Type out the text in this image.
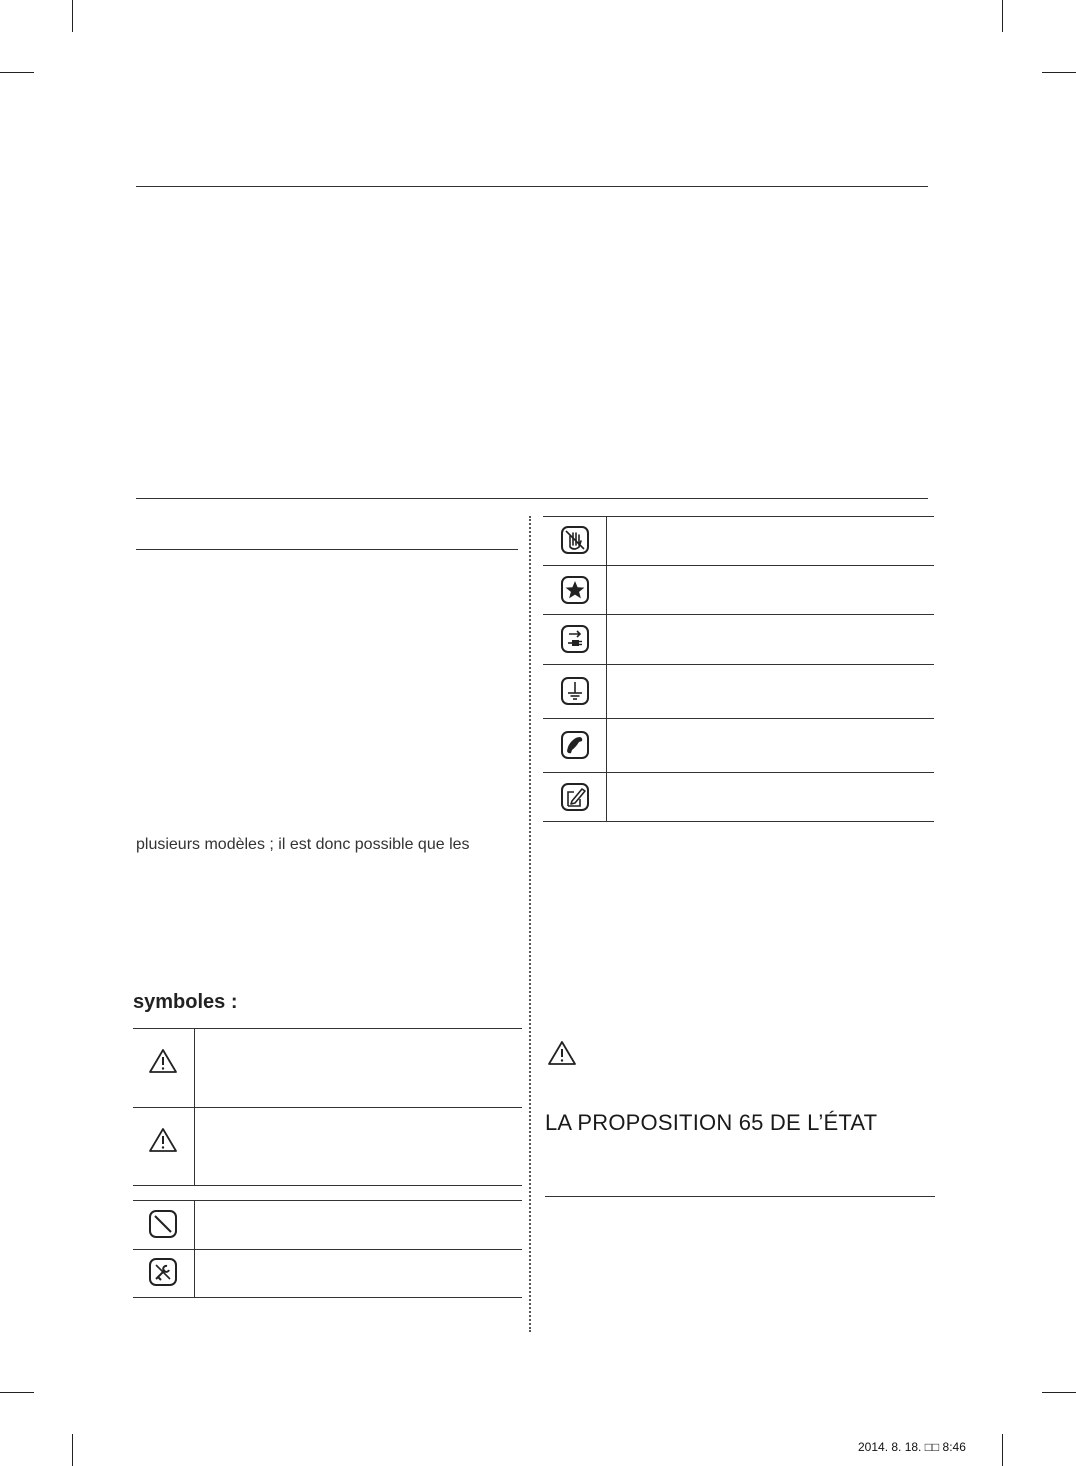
plusieurs modèles ; il est donc possible que les
symboles :
LA PROPOSITION 65 DE L’ÉTAT
2014. 8. 18. □□ 8:46
